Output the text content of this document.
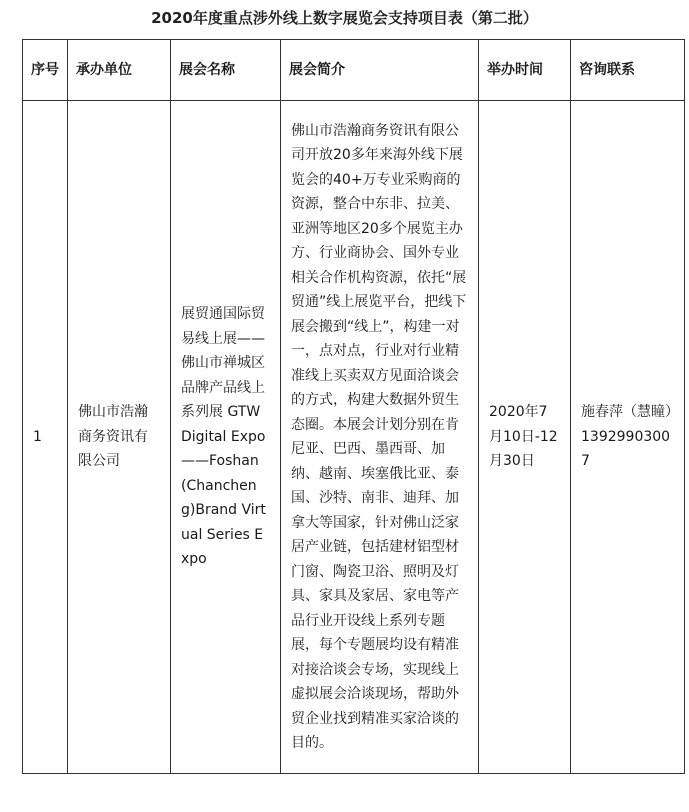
2020年度重点涉外线上数字展览会支持项目表（第二批）
序号	承办单位	展会名称	展会简介	举办时间	咨询联系
1	佛山市浩瀚商务资讯有限公司	展贸通国际贸易线上展——佛山市禅城区品牌产品线上系列展 GTW Digital Expo——Foshan (Chancheng)Brand Virtual Series Expo	佛山市浩瀚商务资讯有限公司开放20多年来海外线下展览会的40+万专业采购商的资源，整合中东非、拉美、亚洲等地区20多个展览主办方、行业商协会、国外专业相关合作机构资源，依托“展贸通”线上展览平台，把线下展会搬到“线上”，构建一对一，点对点，行业对行业精准线上买卖双方见面洽谈会的方式，构建大数据外贸生态圈。本展会计划分别在肯尼亚、巴西、墨西哥、加纳、越南、埃塞俄比亚、泰国、沙特、南非、迪拜、加拿大等国家，针对佛山泛家居产业链，包括建材铝型材门窗、陶瓷卫浴、照明及灯具、家具及家居、家电等产品行业开设线上系列专题展，每个专题展均设有精准对接洽谈会专场，实现线上虚拟展会洽谈现场，帮助外贸企业找到精准买家洽谈的目的。	2020年7月10日-12月30日	施春萍（慧瞳）13929903007
